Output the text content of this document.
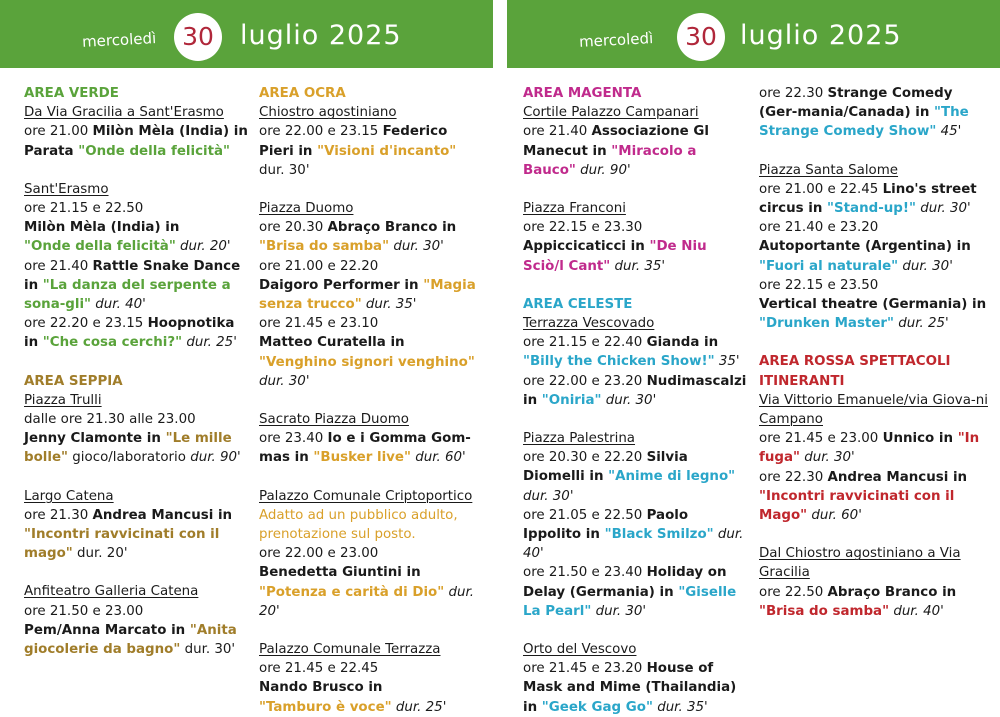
mercoledì	30 luglio 2025	mercoledì	30 luglio 2025
AREA VERDE
Da Via Gracilia a Sant'Erasmo
ore 21.00 Milòn Mèla (India) in Parata "Onde della felicità"
Sant'Erasmo
ore 21.15 e 22.50
Milòn Mèla (India) in
"Onde della felicità" dur. 20'
ore 21.40 Rattle Snake Dance in "La danza del serpente a sona-gli" dur. 40'
ore 22.20 e 23.15 Hoopnotika in "Che cosa cerchi?" dur. 25'
AREA SEPPIA
Piazza Trulli
dalle ore 21.30 alle 23.00
Jenny Clamonte in "Le mille bolle" gioco/laboratorio dur. 90'
Largo Catena
ore 21.30 Andrea Mancusi in "Incontri ravvicinati con il mago" dur. 20'
Anfiteatro Galleria Catena
ore 21.50 e 23.00
Pem/Anna Marcato in "Anita giocolerie da bagno" dur. 30'
AREA OCRA
Chiostro agostiniano
ore 22.00 e 23.15 Federico Pieri in "Visioni d'incanto" dur. 30'
Piazza Duomo
ore 20.30 Abraço Branco in "Brisa do samba" dur. 30'
ore 21.00 e 22.20
Daigoro Performer in "Magia senza trucco" dur. 35'
ore 21.45 e 23.10
Matteo Curatella in "Venghino signori venghino" dur. 30'
Sacrato Piazza Duomo
ore 23.40 Io e i Gomma Gom-mas in "Busker live" dur. 60'
Palazzo Comunale Criptoportico
Adatto ad un pubblico adulto, prenotazione sul posto.
ore 22.00 e 23.00
Benedetta Giuntini in "Potenza e carità di Dio" dur. 20'
Palazzo Comunale Terrazza
ore 21.45 e 22.45
Nando Brusco in
"Tamburo è voce" dur. 25'
AREA MAGENTA
Cortile Palazzo Campanari
ore 21.40 Associazione Gl Manecut in "Miracolo a Bauco" dur. 90'
Piazza Franconi
ore 22.15 e 23.30 Appiccicaticci in "De Niu Sciò/l Cant" dur. 35'
AREA CELESTE
Terrazza Vescovado
ore 21.15 e 22.40 Gianda in "Billy the Chicken Show!" 35'
ore 22.00 e 23.20 Nudimascalzi in "Oniria" dur. 30'
Piazza Palestrina
ore 20.30 e 22.20 Silvia Diomelli in "Anime di legno" dur. 30'
ore 21.05 e 22.50 Paolo Ippolito in "Black Smilzo" dur. 40'
ore 21.50 e 23.40 Holiday on Delay (Germania) in "Giselle La Pearl" dur. 30'
Orto del Vescovo
ore 21.45 e 23.20 House of Mask and Mime (Thailandia) in "Geek Gag Go" dur. 35'
ore 22.30 Strange Comedy (Ger-mania/Canada) in "The Strange Comedy Show" 45'
Piazza Santa Salome
ore 21.00 e 22.45 Lino's street circus in "Stand-up!" dur. 30'
ore 21.40 e 23.20
Autoportante (Argentina) in "Fuori al naturale" dur. 30'
ore 22.15 e 23.50
Vertical theatre (Germania) in "Drunken Master" dur. 25'
AREA ROSSA SPETTACOLI ITINERANTI
Via Vittorio Emanuele/via Giova-ni Campano
ore 21.45 e 23.00 Unnico in "In fuga" dur. 30'
ore 22.30 Andrea Mancusi in "Incontri ravvicinati con il Mago" dur. 60'
Dal Chiostro agostiniano a Via Gracilia
ore 22.50 Abraço Branco in "Brisa do samba" dur. 40'
